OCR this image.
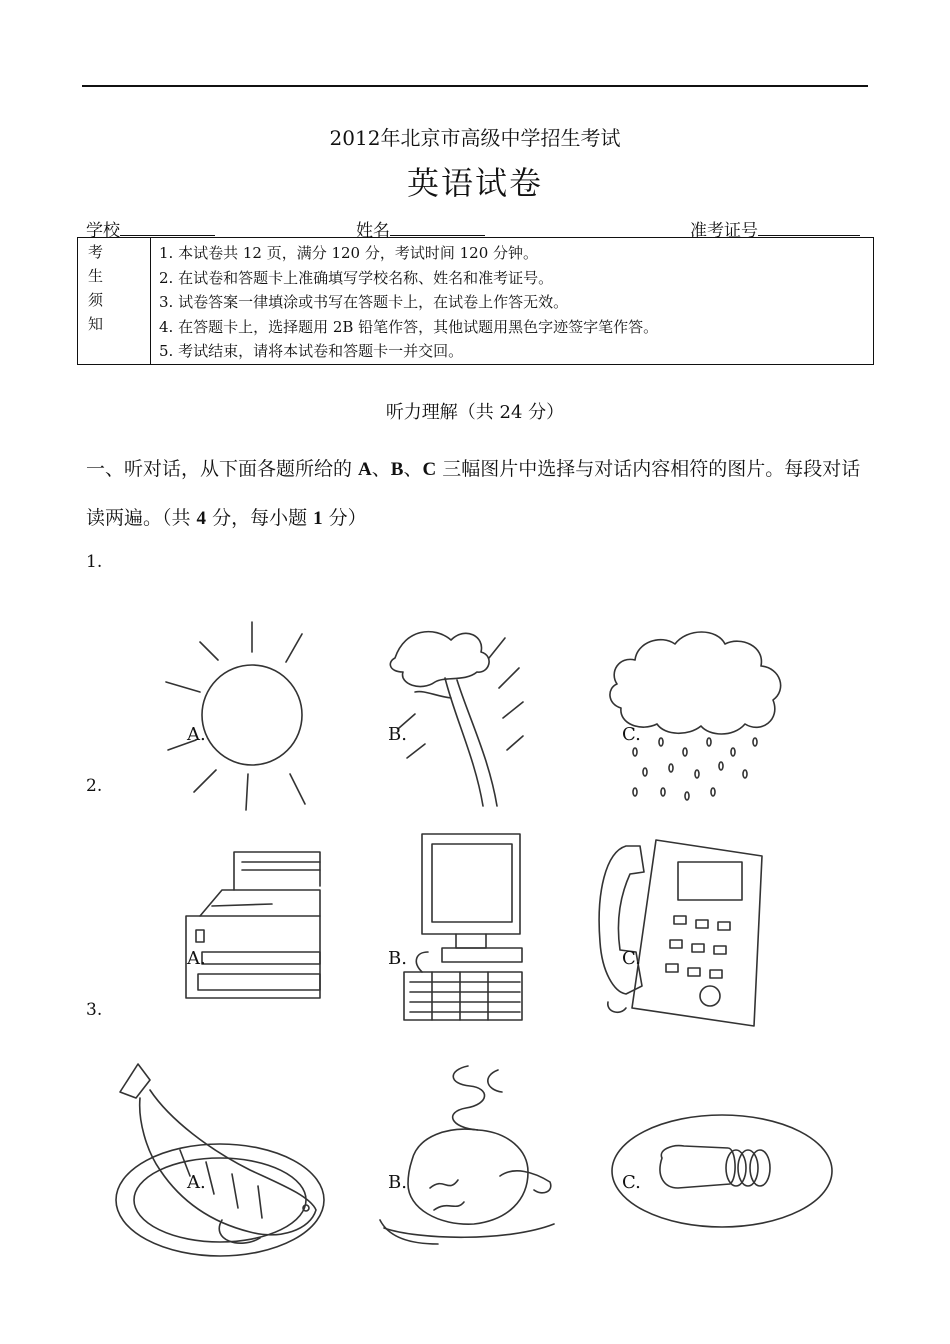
2012年北京市高级中学招生考试
英语试卷
学校	姓名	准考证号
考
生
须
知

1. 本试卷共 12 页，满分 120 分，考试时间 120 分钟。
2. 在试卷和答题卡上准确填写学校名称、姓名和准考证号。
3. 试卷答案一律填涂或书写在答题卡上，在试卷上作答无效。
4. 在答题卡上，选择题用 2B 铅笔作答，其他试题用黑色字迹签字笔作答。
5. 考试结束，请将本试卷和答题卡一并交回。
听力理解（共 24 分）
一、听对话，从下面各题所给的 A、B、C 三幅图片中选择与对话内容相符的图片。每段对话读两遍。（共 4 分，每小题 1 分）
1.
A.	B.	C.
2.
A.	B.	C.
3.
A.	B.	C.
